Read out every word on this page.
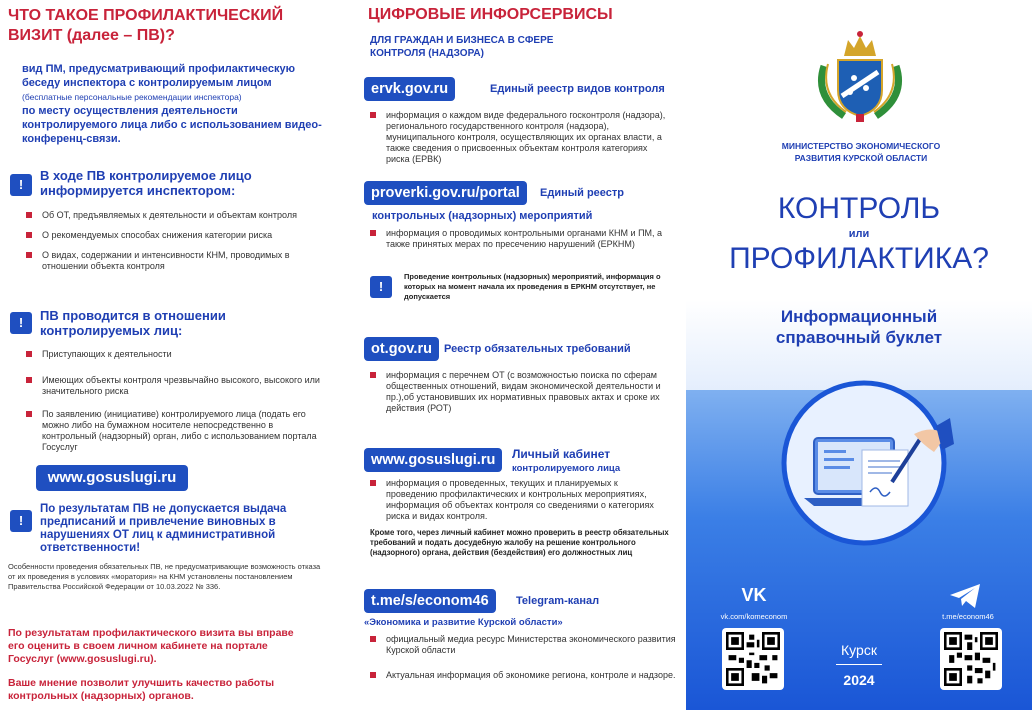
ЧТО ТАКОЕ ПРОФИЛАКТИЧЕСКИЙ ВИЗИТ (далее – ПВ)?
вид ПМ, предусматривающий профилактическую беседу инспектора с контролируемым лицом
(бесплатные персональные рекомендации инспектора)
по месту осуществления деятельности контролируемого лица либо с использованием видео-конференц-связи.
!
В ходе ПВ контролируемое лицо информируется инспектором:
Об ОТ, предъявляемых к деятельности и объектам контроля
О рекомендуемых способах снижения категории риска
О видах, содержании и интенсивности КНМ, проводимых в отношении объекта контроля
!	ПВ проводится в отношении контролируемых лиц:
Приступающих к деятельности
Имеющих объекты контроля чрезвычайно высокого, высокого или значительного риска
По заявлению (инициативе) контролируемого лица (подать его можно либо на бумажном носителе непосредственно в контрольный (надзорный) орган, либо с использованием портала Госуслуг
www.gosuslugi.ru
!
По результатам ПВ не допускается выдача предписаний и привлечение виновных в нарушениях ОТ лиц к административной ответственности!
Особенности проведения обязательных ПВ, не предусматривающие возможность отказа от их проведения в условиях «моратория» на КНМ установлены постановлением Правительства Российской Федерации от 10.03.2022 № 336.
По результатам профилактического визита вы вправе его оценить в своем личном кабинете на портале Госуслуг (www.gosuslugi.ru).
Ваше мнение позволит улучшить качество работы контрольных (надзорных) органов.
ЦИФРОВЫЕ ИНФОРСЕРВИСЫ
ДЛЯ ГРАЖДАН И БИЗНЕСА В СФЕРЕ КОНТРОЛЯ (НАДЗОРА)
ervk.gov.ru	Единый реестр видов контроля
информация о каждом виде федерального госконтроля (надзора), регионального государственного контроля (надзора), муниципального контроля, осуществляющих их органах власти, а также сведения о присвоенных объектам контроля категориях риска (ЕРВК)
proverki.gov.ru/portal	Единый реестр
контрольных (надзорных) мероприятий
информация о проводимых контрольными органами КНМ и ПМ, а также принятых мерах по пресечению нарушений (ЕРКНМ)
!
Проведение контрольных (надзорных) мероприятий, информация о которых на момент начала их проведения в ЕРКНМ отсутствует, не допускается
ot.gov.ru	Реестр обязательных требований
информация с перечнем ОТ (с возможностью поиска по сферам общественных отношений, видам экономической деятельности и пр.),об установивших их нормативных правовых актах и сроке их действия (РОТ)
www.gosuslugi.ru	Личный кабинет
контролируемого лица
информация о проведенных, текущих и планируемых к проведению профилактических и контрольных мероприятиях, информация об объектах контроля со сведениями о категориях риска и видах контроля.
Кроме того, через личный кабинет можно проверить в реестр обязательных требований и подать досудебную жалобу на решение контрольного (надзорного) органа, действия (бездействия) его должностных лиц
t.me/s/econom46	Telegram-канал
«Экономика и развитие Курской области»
официальный медиа ресурс Министерства экономического развития Курской области
Актуальная информация об экономике региона, контроле и надзоре.
МИНИСТЕРСТВО ЭКОНОМИЧЕСКОГО РАЗВИТИЯ КУРСКОЙ ОБЛАСТИ
КОНТРОЛЬ
или
ПРОФИЛАКТИКА?
Информационный справочный буклет
VK
vk.com/komeconom	t.me/econom46
Курск
2024
